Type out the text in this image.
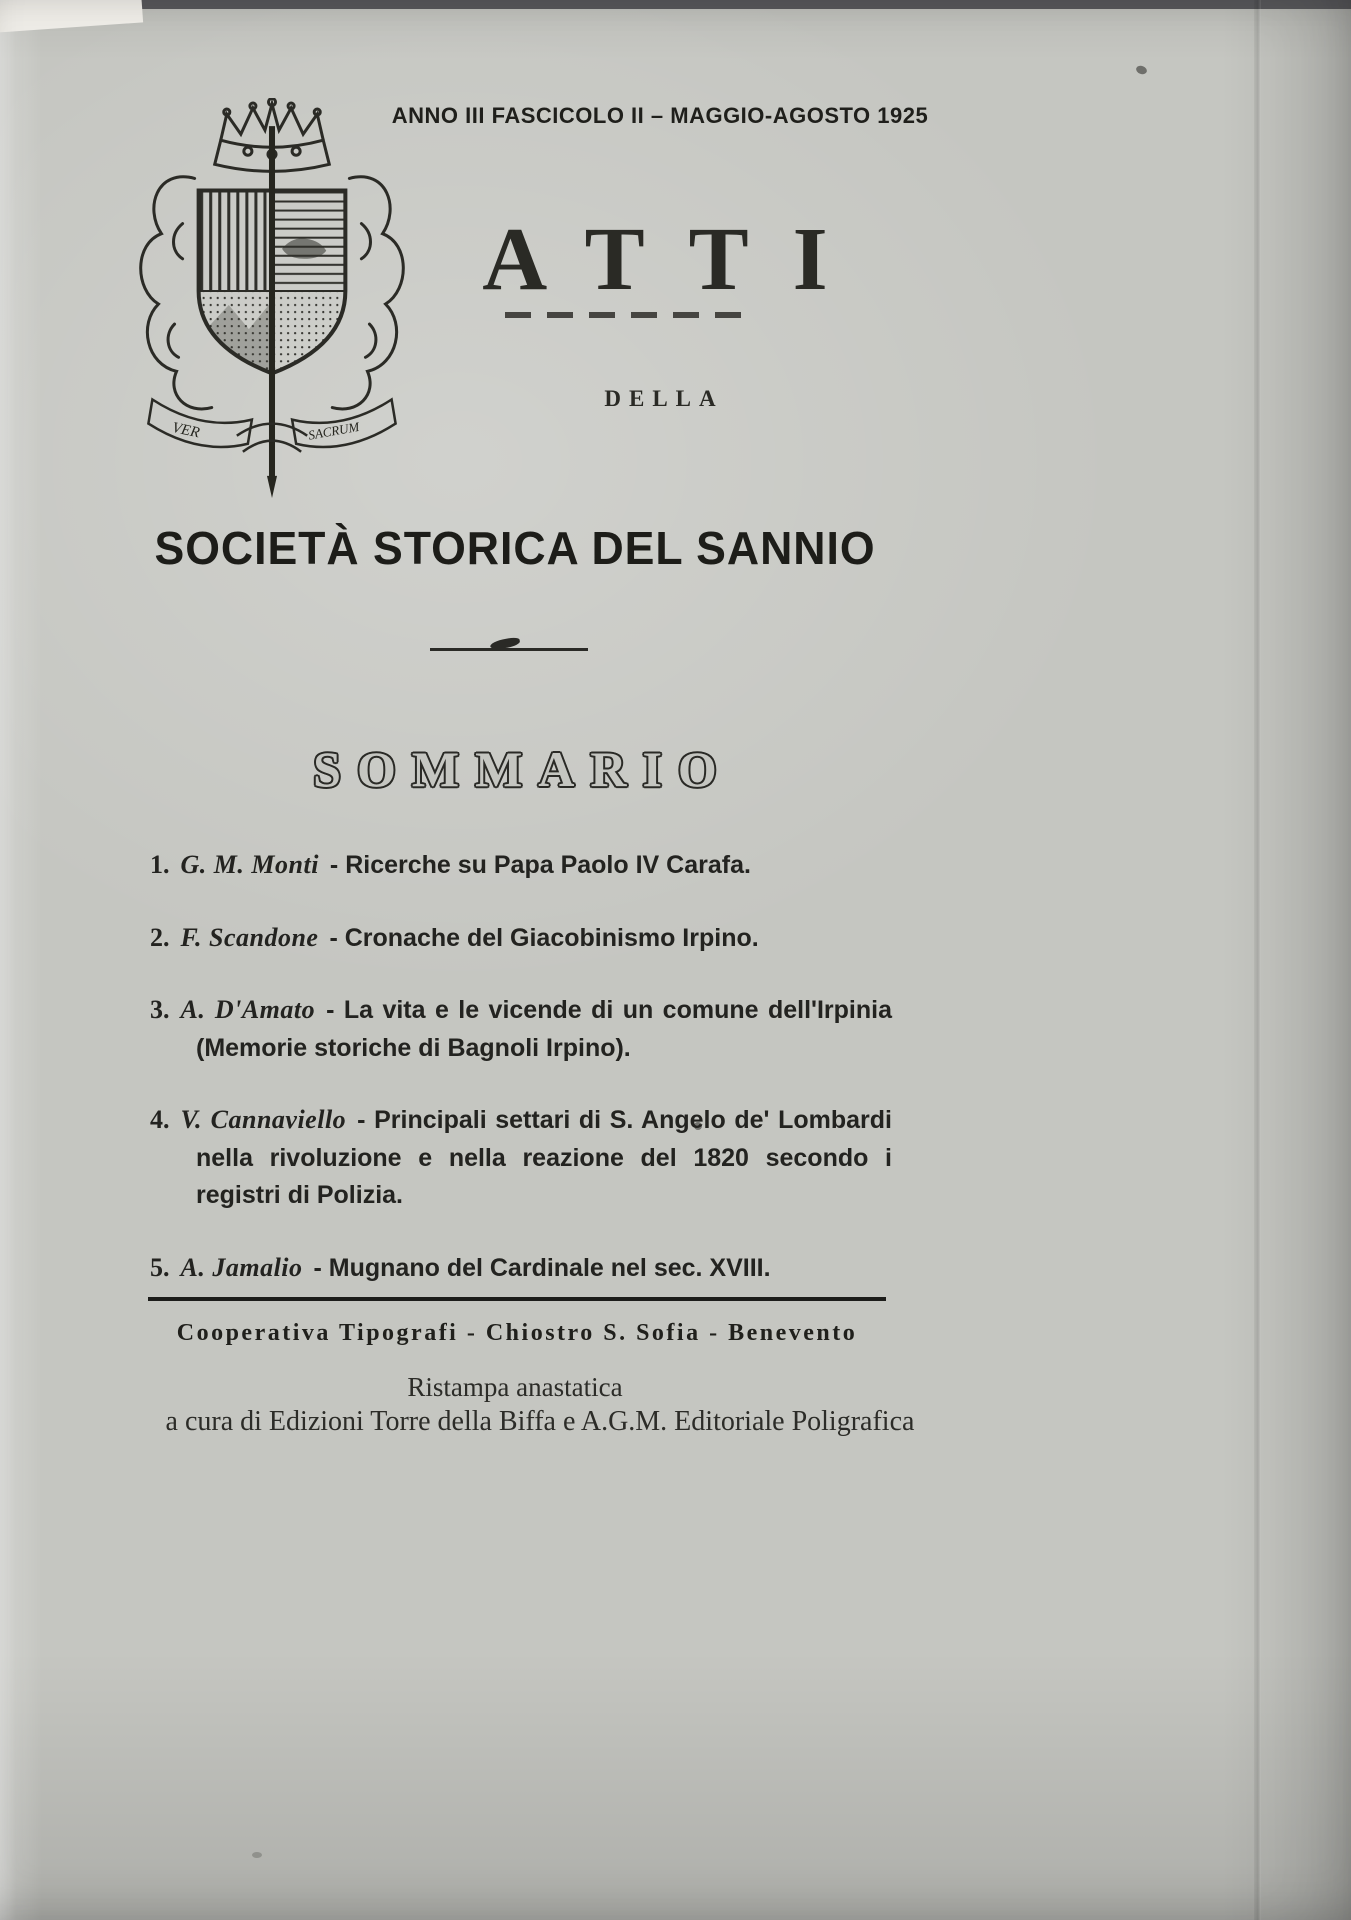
ANNO III FASCICOLO II – MAGGIO-AGOSTO 1925
VER	SACRUM
ATTI
DELLA
SOCIETÀ STORICA DEL SANNIO
SOMMARIO
1. G. M. Monti - Ricerche su Papa Paolo IV Carafa.
2. F. Scandone - Cronache del Giacobinismo Irpino.
3. A. D'Amato - La vita e le vicende di un comune dell'Irpinia (Memorie storiche di Bagnoli Irpino).
4. V. Cannaviello - Principali settari di S. Angelo de' Lombardi nella rivoluzione e nella reazione del 1820 secondo i registri di Polizia.
5. A. Jamalio - Mugnano del Cardinale nel sec. XVIII.
Cooperativa Tipografi - Chiostro S. Sofia - Benevento
Ristampa anastatica
a cura di Edizioni Torre della Biffa e A.G.M. Editoriale Poligrafica
